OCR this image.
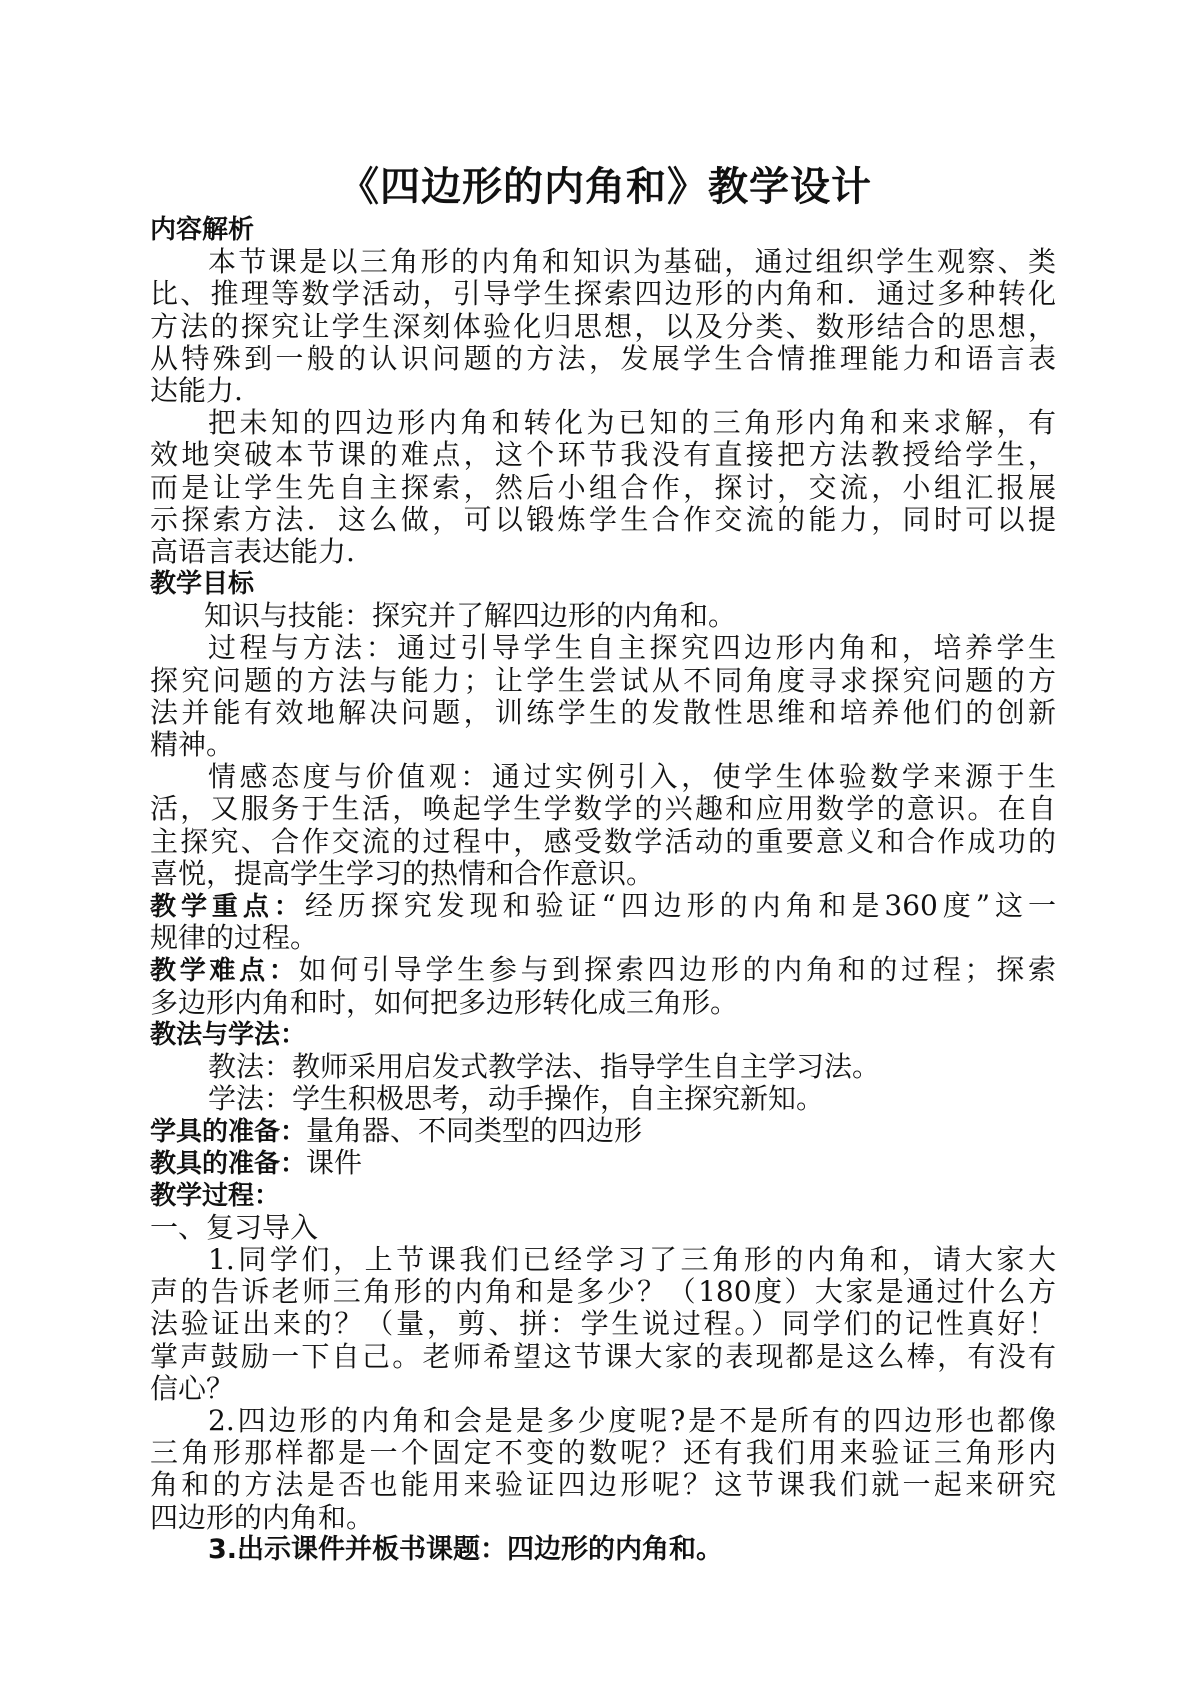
《四边形的内角和》教学设计
内容解析
本节课是以三角形的内角和知识为基础，通过组织学生观察、类
比、推理等数学活动，引导学生探索四边形的内角和．通过多种转化
方法的探究让学生深刻体验化归思想，以及分类、数形结合的思想，
从特殊到一般的认识问题的方法，发展学生合情推理能力和语言表
达能力.
把未知的四边形内角和转化为已知的三角形内角和来求解，有
效地突破本节课的难点，这个环节我没有直接把方法教授给学生，
而是让学生先自主探索，然后小组合作，探讨，交流，小组汇报展
示探索方法．这么做，可以锻炼学生合作交流的能力，同时可以提
高语言表达能力.
教学目标
知识与技能：探究并了解四边形的内角和。
过程与方法：通过引导学生自主探究四边形内角和，培养学生
探究问题的方法与能力；让学生尝试从不同角度寻求探究问题的方
法并能有效地解决问题，训练学生的发散性思维和培养他们的创新
精神。
情感态度与价值观：通过实例引入，使学生体验数学来源于生
活，又服务于生活，唤起学生学数学的兴趣和应用数学的意识。在自
主探究、合作交流的过程中，感受数学活动的重要意义和合作成功的
喜悦，提高学生学习的热情和合作意识。
教学重点：经历探究发现和验证“四边形的内角和是360度”这一
规律的过程。
教学难点：如何引导学生参与到探索四边形的内角和的过程；探索
多边形内角和时，如何把多边形转化成三角形。
教法与学法：
教法：教师采用启发式教学法、指导学生自主学习法。
学法：学生积极思考，动手操作，自主探究新知。
学具的准备：量角器、不同类型的四边形
教具的准备：课件
教学过程：
一、复习导入
1.同学们，上节课我们已经学习了三角形的内角和，请大家大
声的告诉老师三角形的内角和是多少？（180度）大家是通过什么方
法验证出来的？（量，剪、拼：学生说过程。）同学们的记性真好！
掌声鼓励一下自己。老师希望这节课大家的表现都是这么棒，有没有
信心？
2.四边形的内角和会是是多少度呢?是不是所有的四边形也都像
三角形那样都是一个固定不变的数呢？还有我们用来验证三角形内
角和的方法是否也能用来验证四边形呢？这节课我们就一起来研究
四边形的内角和。
3.出示课件并板书课题：四边形的内角和。
